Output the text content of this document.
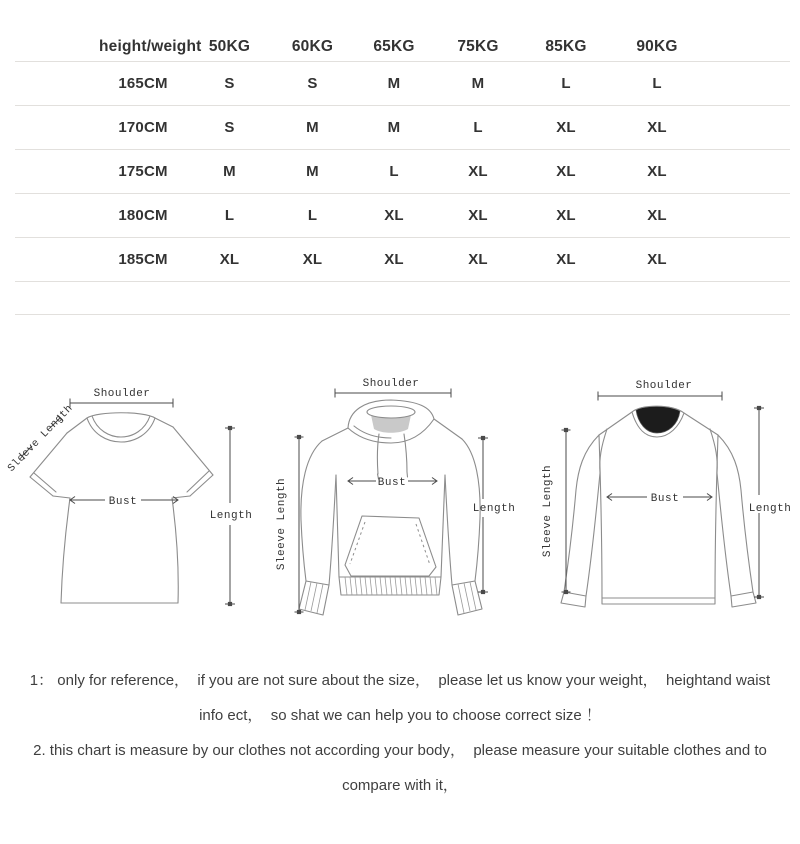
height/weight 50KG	60KG	65KG	75KG	85KG	90KG
165CM	S	S	M	M	L	L
170CM	S	M	M	L	XL	XL
175CM	M	M	L	XL	XL	XL
180CM	L	L	XL	XL	XL	XL
185CM	XL	XL	XL	XL	XL	XL
Shoulder
Sleeve Length
Bust
Length
Shoulder
Sleeve Length	Bust
Length
Shoulder
Sleeve Length	Bust
Length
1： only for reference，  if you are not sure about the size，  please let us know your weight，  heightand waist
info ect，  so shat we can help you to choose correct size ！
2. this chart is measure by our clothes not according your body，  please measure your suitable clothes and to
compare with it，
